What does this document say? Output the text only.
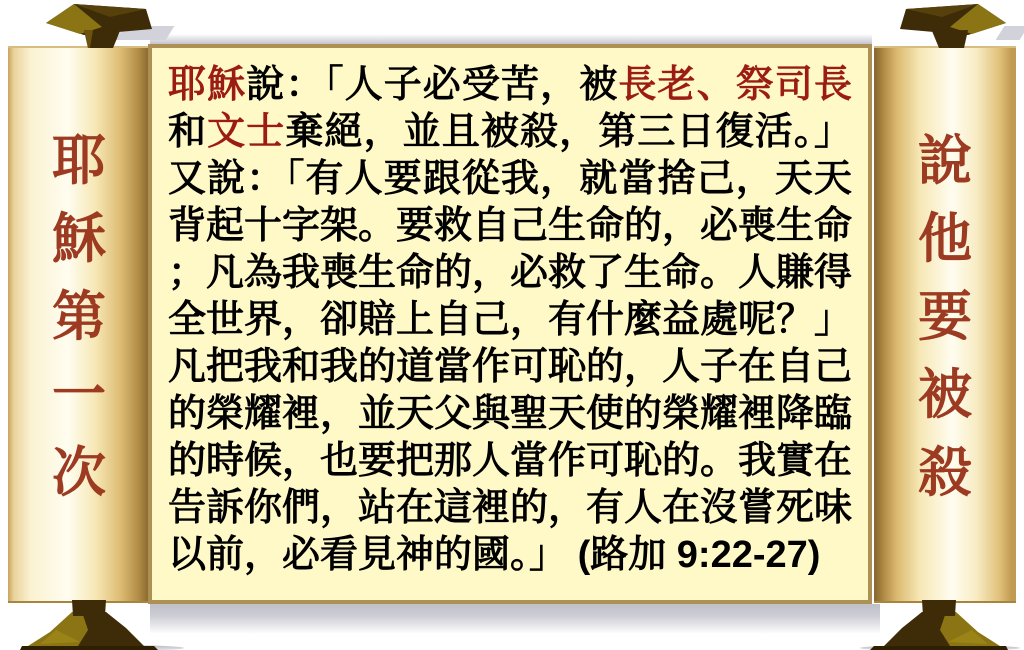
耶
穌
第
一
次
說
他
要
被
殺
耶穌說：「人子必受苦，被長老、祭司長
和文士棄絕，並且被殺，第三日復活。」
又說：「有人要跟從我，就當捨己，天天
背起十字架。要救自己生命的，必喪生命
；凡為我喪生命的，必救了生命。人賺得
全世界，卻賠上自己，有什麼益處呢？」
凡把我和我的道當作可恥的，人子在自己
的榮耀裡，並天父與聖天使的榮耀裡降臨
的時候，也要把那人當作可恥的。我實在
告訴你們，站在這裡的，有人在沒嘗死味
以前，必看見神的國。」 (路加 9:22-27)
